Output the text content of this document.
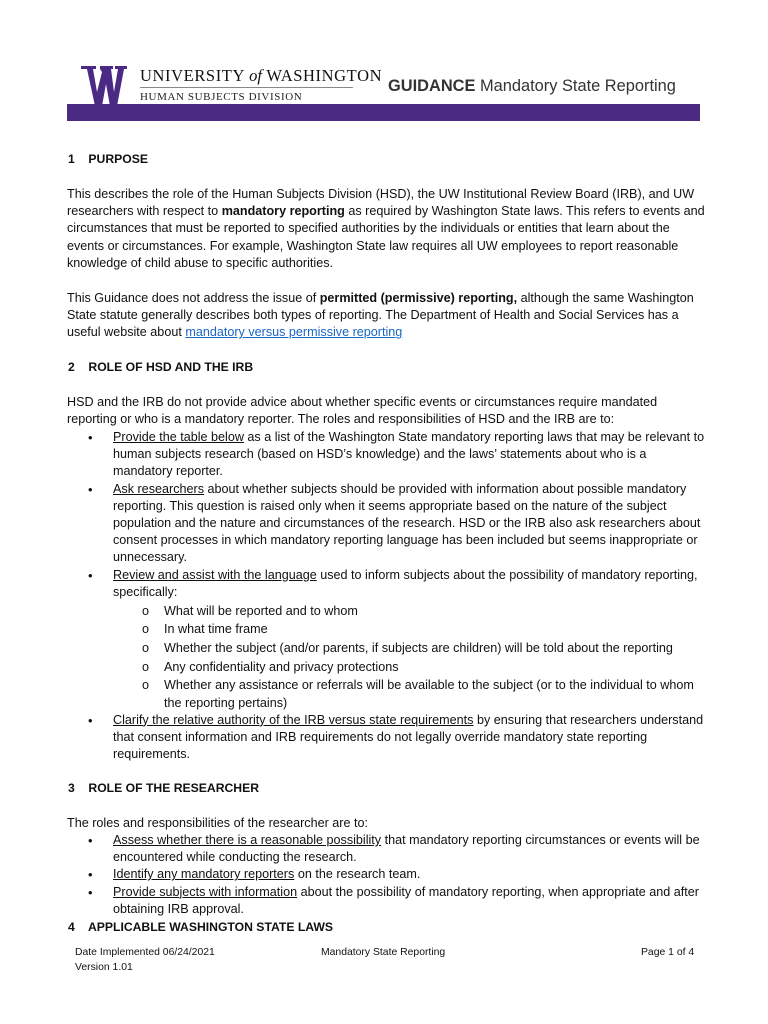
UNIVERSITY of WASHINGTON
HUMAN SUBJECTS DIVISION
GUIDANCE Mandatory State Reporting
1 PURPOSE
This describes the role of the Human Subjects Division (HSD), the UW Institutional Review Board (IRB), and UW researchers with respect to mandatory reporting as required by Washington State laws. This refers to events and circumstances that must be reported to specified authorities by the individuals or entities that learn about the events or circumstances. For example, Washington State law requires all UW employees to report reasonable knowledge of child abuse to specific authorities.
This Guidance does not address the issue of permitted (permissive) reporting, although the same Washington State statute generally describes both types of reporting. The Department of Health and Social Services has a useful website about mandatory versus permissive reporting
2 ROLE OF HSD AND THE IRB
HSD and the IRB do not provide advice about whether specific events or circumstances require mandated reporting or who is a mandatory reporter. The roles and responsibilities of HSD and the IRB are to:
• Provide the table below as a list of the Washington State mandatory reporting laws that may be relevant to human subjects research (based on HSD’s knowledge) and the laws’ statements about who is a mandatory reporter.
• Ask researchers about whether subjects should be provided with information about possible mandatory reporting. This question is raised only when it seems appropriate based on the nature of the subject population and the nature and circumstances of the research. HSD or the IRB also ask researchers about consent processes in which mandatory reporting language has been included but seems inappropriate or unnecessary.
• Review and assist with the language used to inform subjects about the possibility of mandatory reporting, specifically:
o What will be reported and to whom
o In what time frame
o Whether the subject (and/or parents, if subjects are children) will be told about the reporting
o Any confidentiality and privacy protections
o Whether any assistance or referrals will be available to the subject (or to the individual to whom the reporting pertains)
• Clarify the relative authority of the IRB versus state requirements by ensuring that researchers understand that consent information and IRB requirements do not legally override mandatory state reporting requirements.
3 ROLE OF THE RESEARCHER
The roles and responsibilities of the researcher are to:
• Assess whether there is a reasonable possibility that mandatory reporting circumstances or events will be encountered while conducting the research.
• Identify any mandatory reporters on the research team.
• Provide subjects with information about the possibility of mandatory reporting, when appropriate and after obtaining IRB approval.
4 APPLICABLE WASHINGTON STATE LAWS
Date Implemented 06/24/2021
Version 1.01
Mandatory State Reporting	Page 1 of 4
